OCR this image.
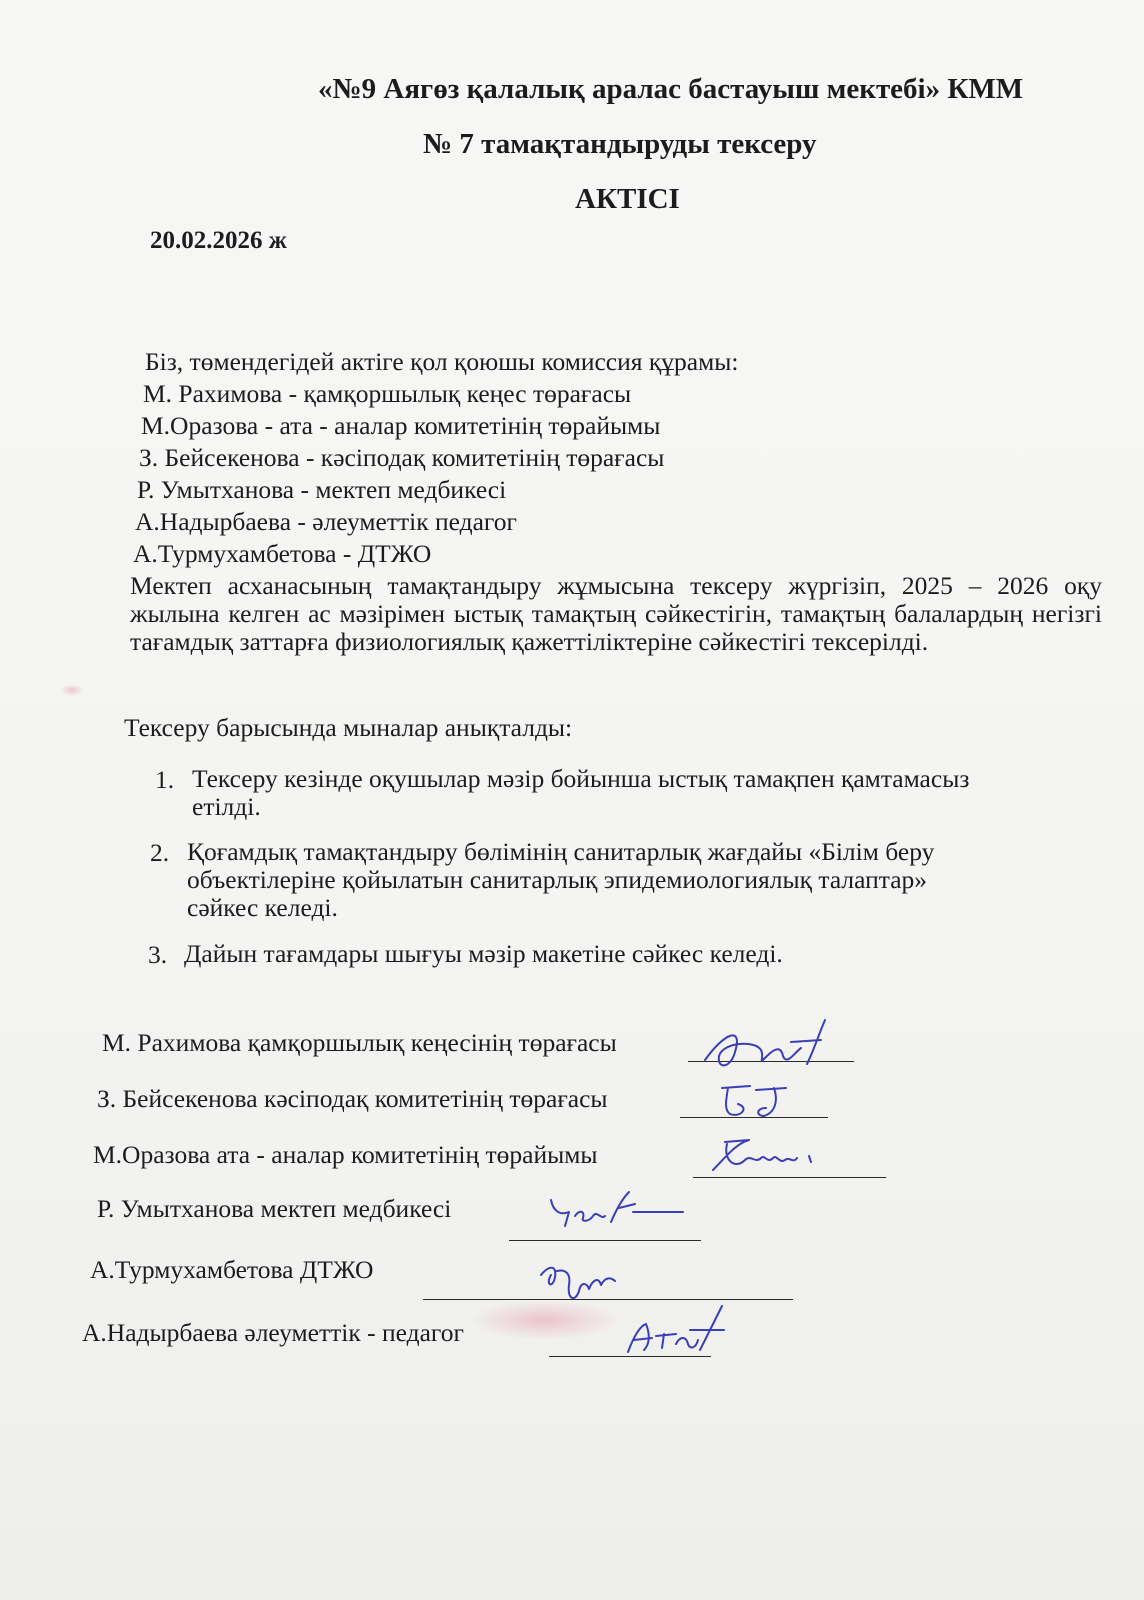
«№9 Аягөз қалалық аралас бастауыш мектебі» КММ
№ 7 тамақтандыруды тексеру
АКТІСІ
20.02.2026 ж
Біз, төмендегідей актіге қол қоюшы комиссия құрамы:
М. Рахимова - қамқоршылық кеңес төрағасы
М.Оразова - ата - аналар комитетінің төрайымы
З. Бейсекенова - кәсіподақ комитетінің төрағасы
Р. Умытханова - мектеп медбикесі
А.Надырбаева - әлеуметтік педагог
А.Турмухамбетова - ДТЖО
Мектеп асханасының тамақтандыру жұмысына тексеру жүргізіп, 2025 – 2026 оқу жылына келген ас мәзірімен ыстық тамақтың сәйкестігін, тамақтың балалардың негізгі тағамдық заттарға физиологиялық қажеттіліктеріне сәйкестігі тексерілді.
Тексеру барысында мыналар анықталды:
1. Тексеру кезінде оқушылар мәзір бойынша ыстық тамақпен қамтамасыз
етілді.
2. Қоғамдық тамақтандыру бөлімінің санитарлық жағдайы «Білім беру
объектілеріне қойылатын санитарлық эпидемиологиялық талаптар»
сәйкес келеді.
3. Дайын тағамдары шығуы мәзір макетіне сәйкес келеді.
М. Рахимова қамқоршылық кеңесінің төрағасы
З. Бейсекенова кәсіподақ комитетінің төрағасы
М.Оразова ата - аналар комитетінің төрайымы
Р. Умытханова мектеп медбикесі
А.Турмухамбетова ДТЖО
А.Надырбаева әлеуметтік - педагог
